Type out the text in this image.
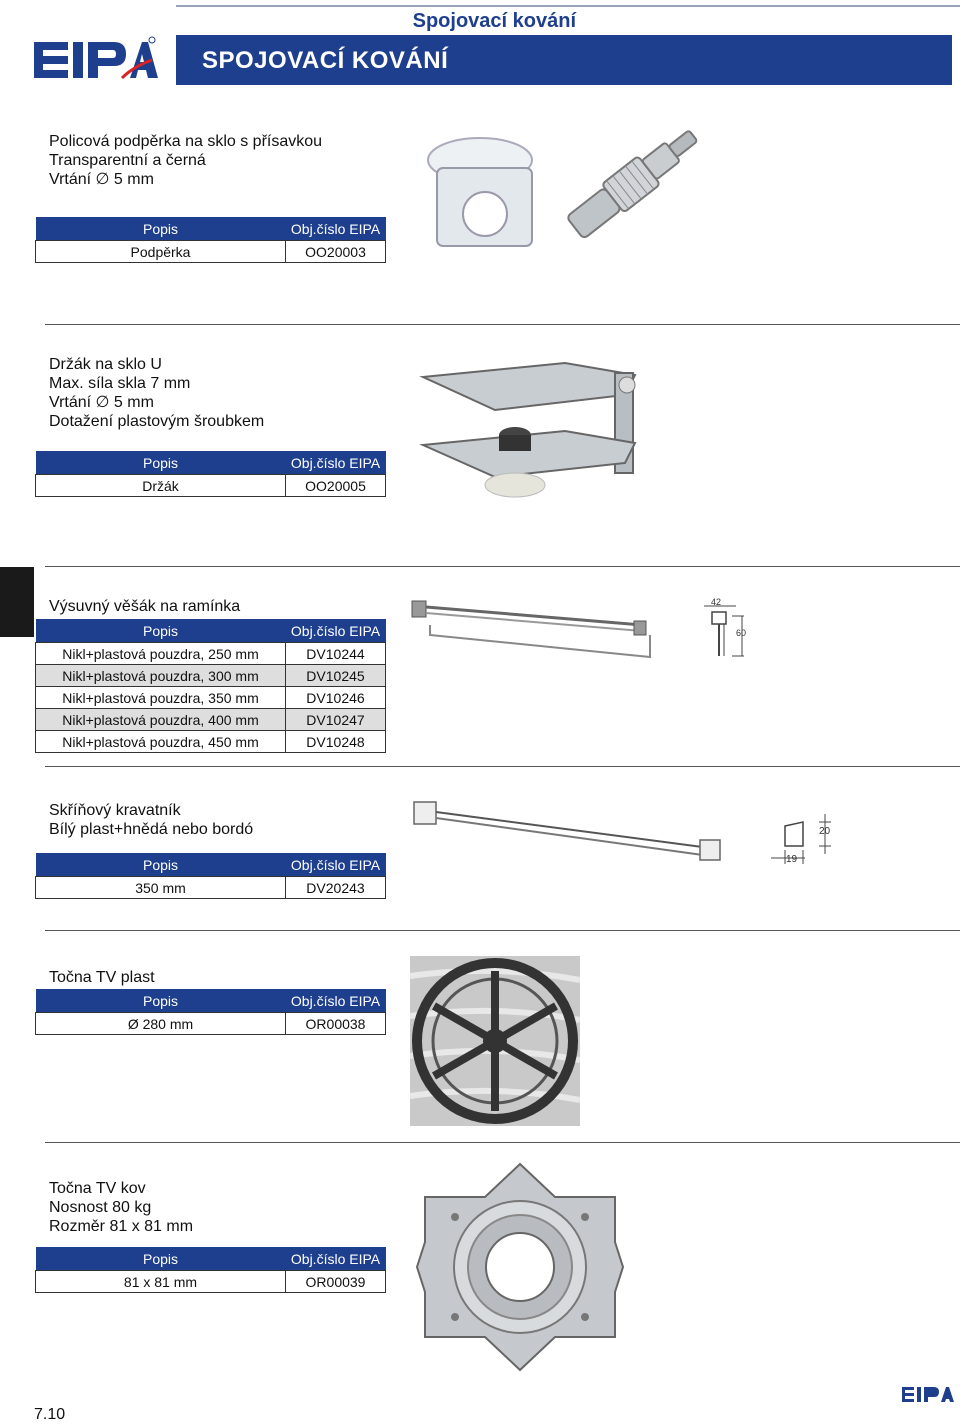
Spojovací kování
SPOJOVACÍ KOVÁNÍ
Policová podpěrka na sklo s přísavkou
Transparentní a černá
Vrtání ∅ 5 mm
Popis	Obj.číslo EIPA
Podpěrka	OO20003
Držák na sklo U
Max. síla skla 7 mm
Vrtání ∅ 5 mm
Dotažení plastovým šroubkem
Popis	Obj.číslo EIPA
Držák	OO20005
Výsuvný věšák na ramínka
Popis	Obj.číslo EIPA
Nikl+plastová pouzdra, 250 mm	DV10244
Nikl+plastová pouzdra, 300 mm	DV10245
Nikl+plastová pouzdra, 350 mm	DV10246
Nikl+plastová pouzdra, 400 mm	DV10247
Nikl+plastová pouzdra, 450 mm	DV10248
42
60
Skříňový kravatník
Bílý plast+hnědá nebo bordó
Popis	Obj.číslo EIPA
350 mm	DV20243
20
19
Točna TV plast
Popis	Obj.číslo EIPA
Ø 280 mm	OR00038
Točna TV kov
Nosnost 80 kg
Rozměr 81 x 81 mm
Popis	Obj.číslo EIPA
81 x 81 mm	OR00039
7.10
